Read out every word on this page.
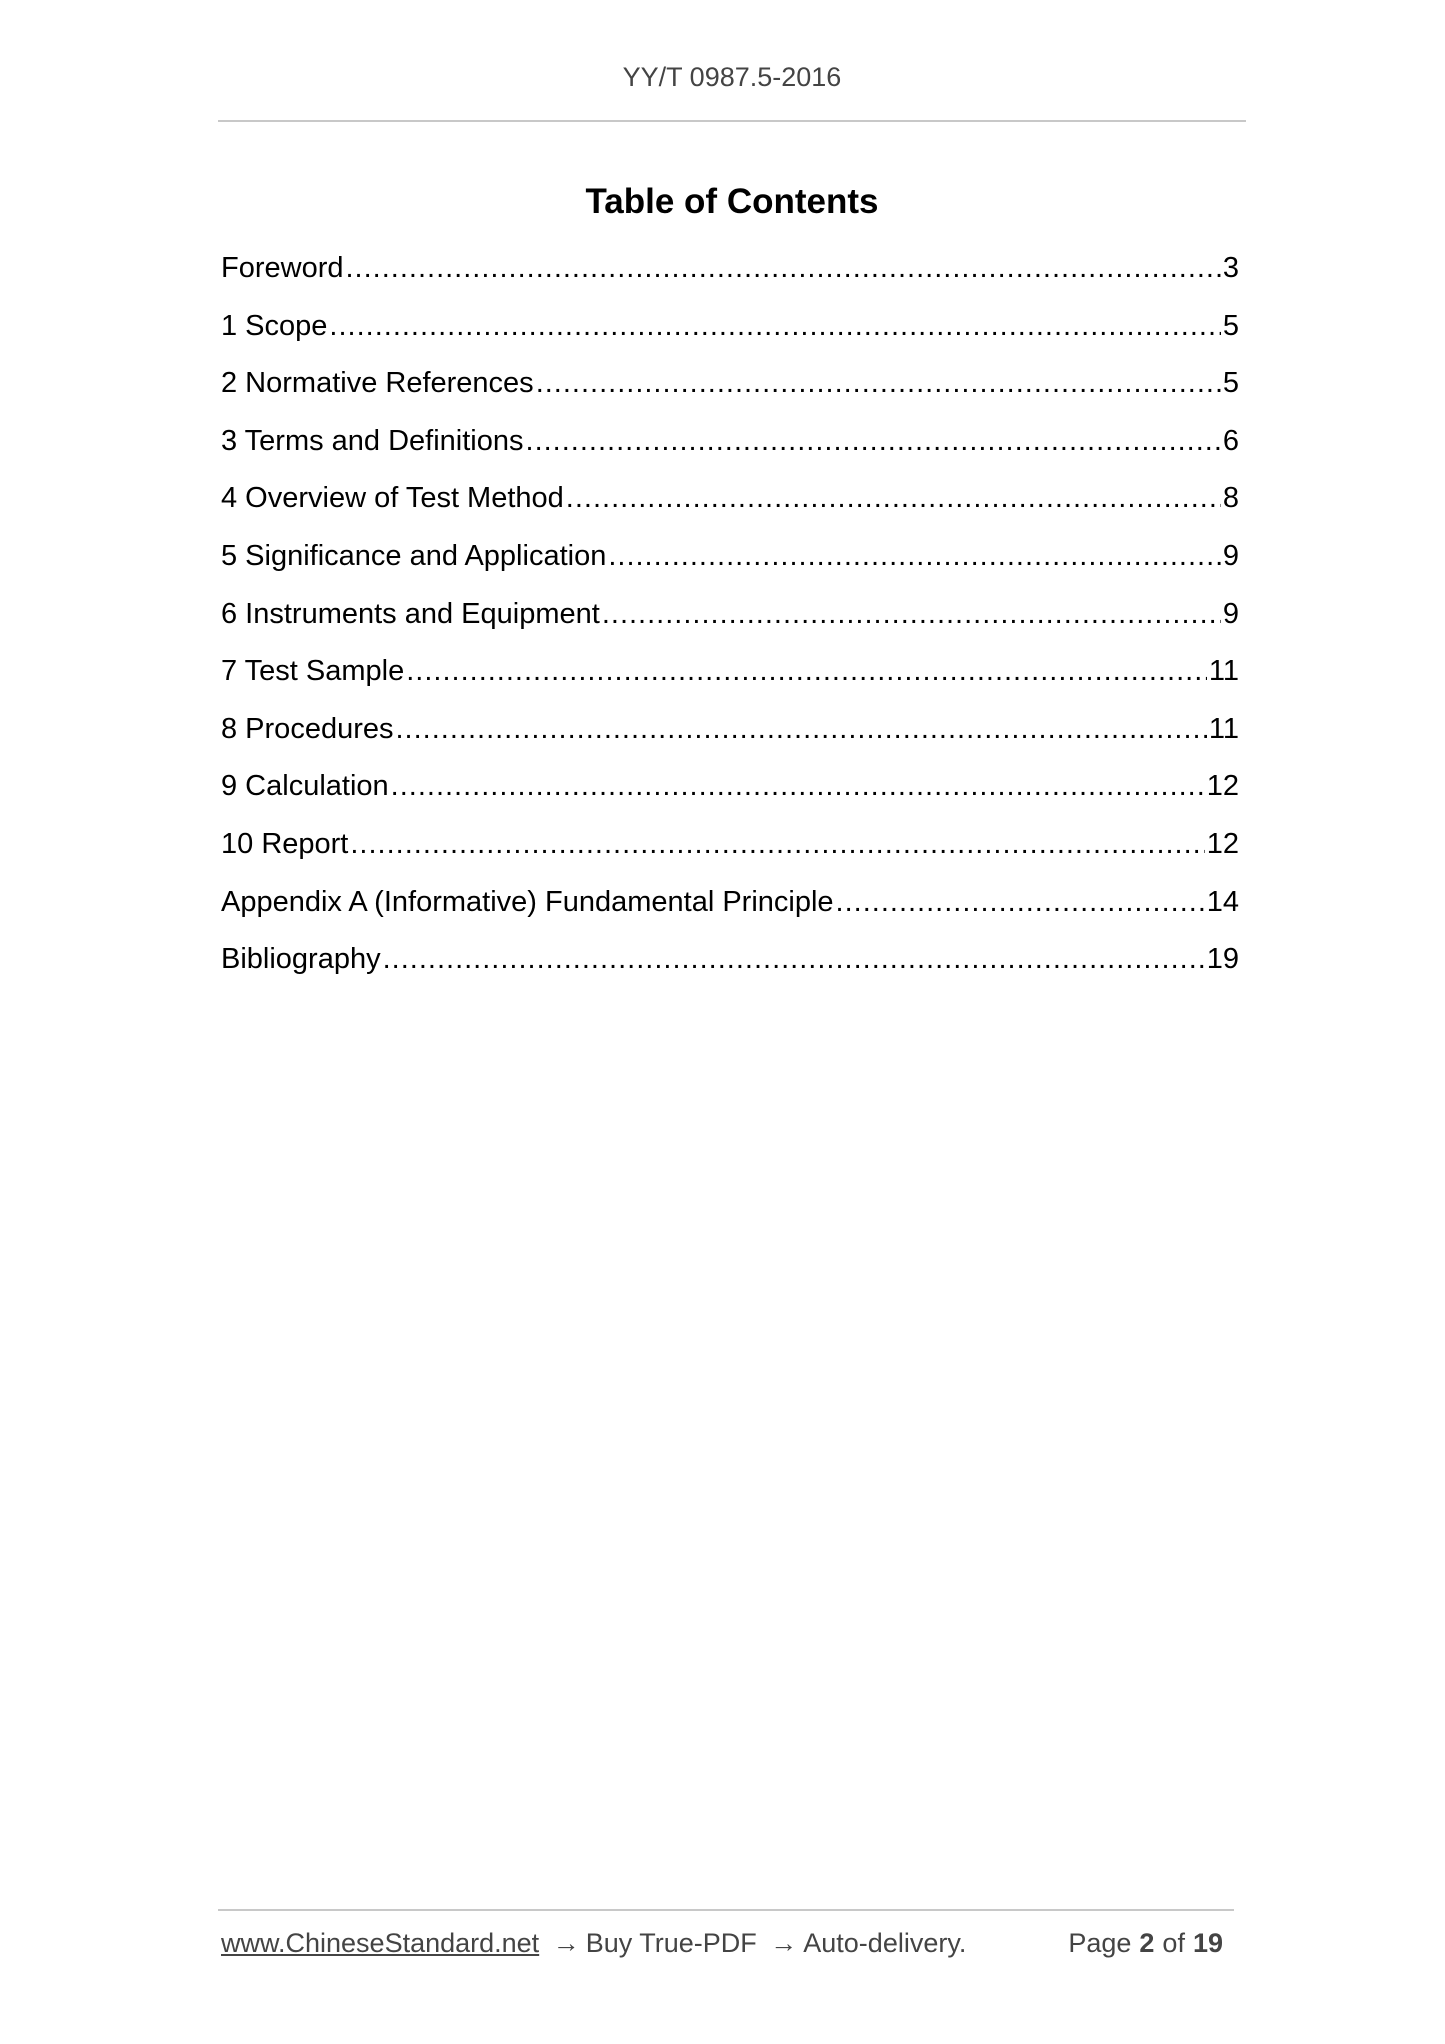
YY/T 0987.5-2016
Table of Contents
Foreword .....	3
1 Scope .....	5
2 Normative References .....	5
3 Terms and Definitions .....	6
4 Overview of Test Method .....	8
5 Significance and Application .....	9
6 Instruments and Equipment .....	9
7 Test Sample .....	11
8 Procedures .....	11
9 Calculation .....	12
10 Report .....	12
Appendix A (Informative) Fundamental Principle .....	14
Bibliography .....	19
www.ChineseStandard.net → Buy True-PDF → Auto-delivery.	Page 2 of 19
